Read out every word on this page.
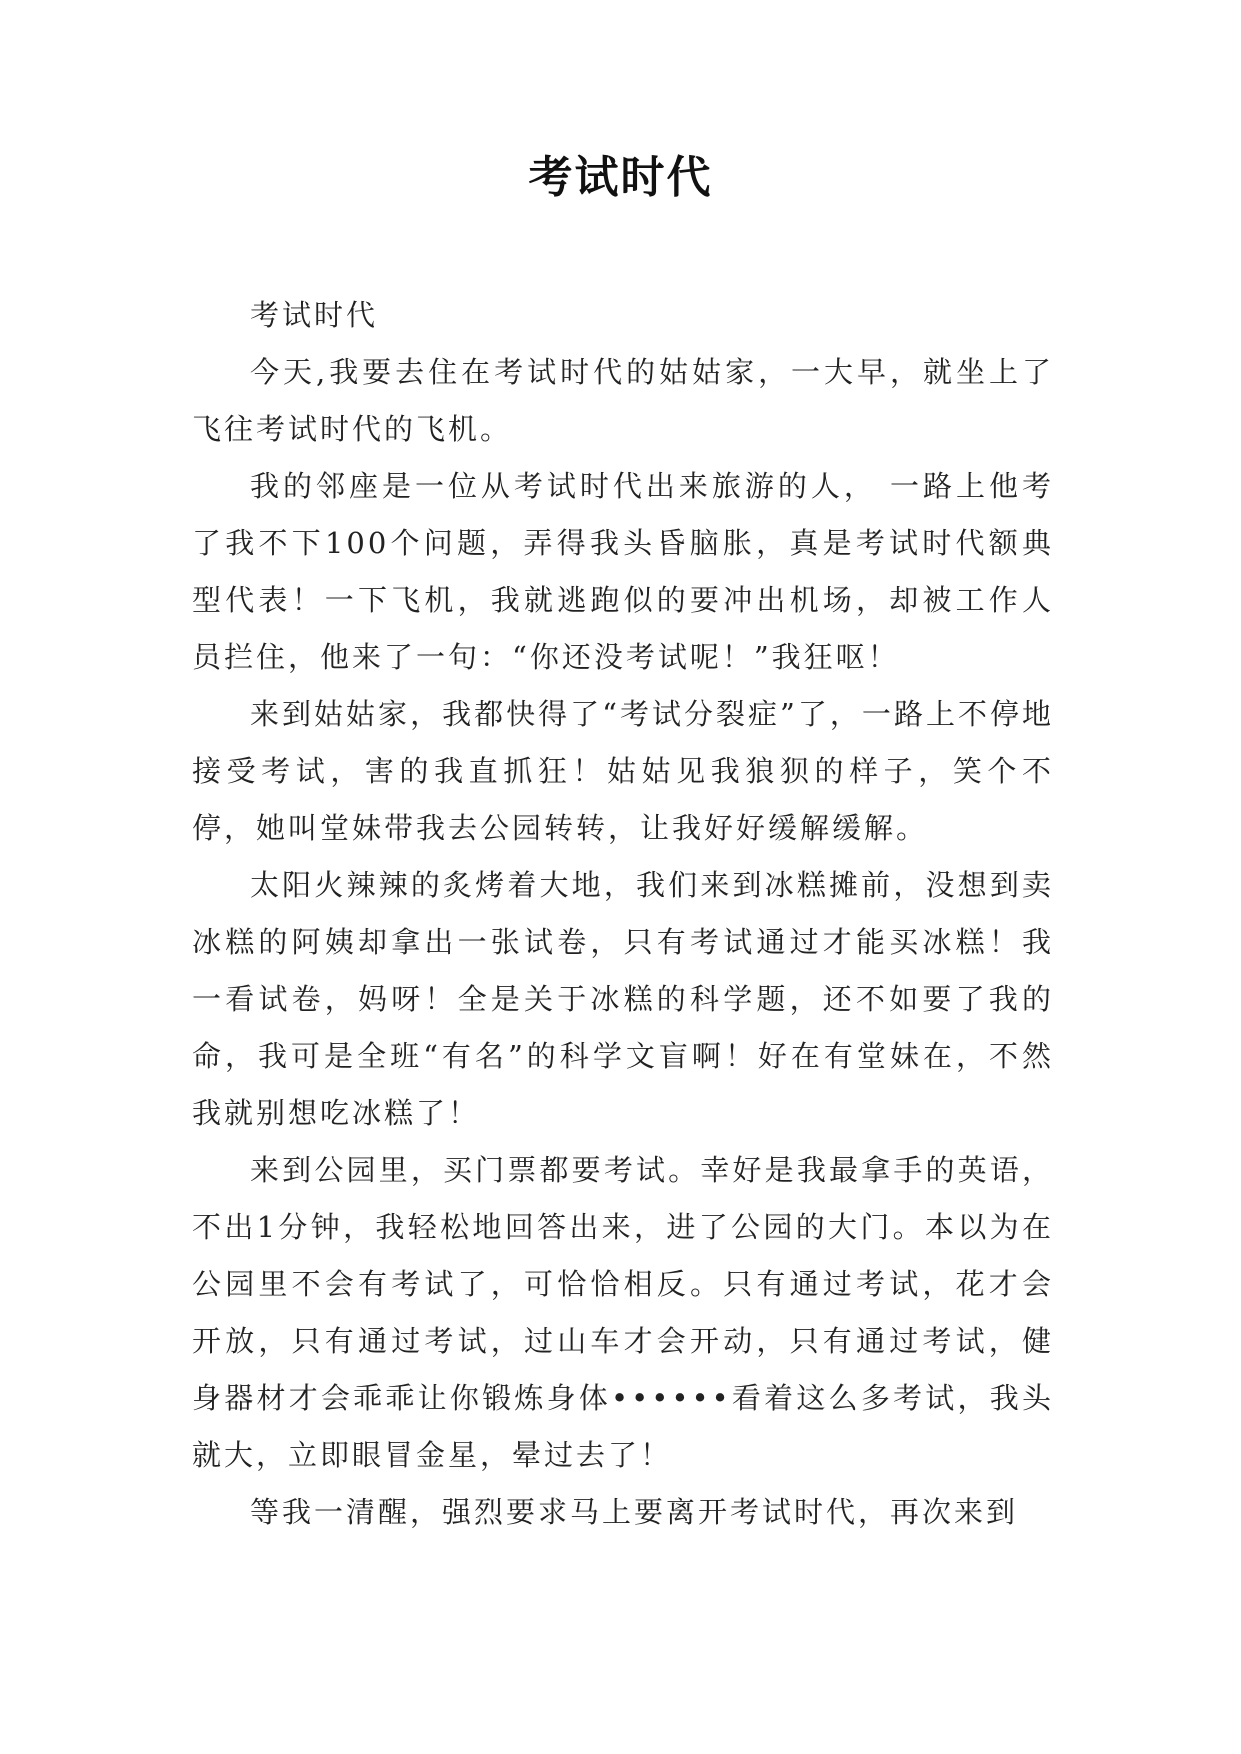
考试时代

考试时代

今天,我要去住在考试时代的姑姑家，一大早，就坐上了飞往考试时代的飞机。

我的邻座是一位从考试时代出来旅游的人， 一路上他考了我不下100个问题，弄得我头昏脑胀，真是考试时代额典型代表！一下飞机，我就逃跑似的要冲出机场，却被工作人员拦住，他来了一句：“你还没考试呢！”我狂呕！

来到姑姑家，我都快得了“考试分裂症”了，一路上不停地接受考试，害的我直抓狂！姑姑见我狼狈的样子，笑个不停，她叫堂妹带我去公园转转，让我好好缓解缓解。

太阳火辣辣的炙烤着大地，我们来到冰糕摊前，没想到卖冰糕的阿姨却拿出一张试卷，只有考试通过才能买冰糕！我一看试卷，妈呀！全是关于冰糕的科学题，还不如要了我的命，我可是全班“有名”的科学文盲啊！好在有堂妹在，不然我就别想吃冰糕了！

来到公园里，买门票都要考试。幸好是我最拿手的英语，不出1分钟，我轻松地回答出来，进了公园的大门。本以为在公园里不会有考试了，可恰恰相反。只有通过考试，花才会开放，只有通过考试，过山车才会开动，只有通过考试，健身器材才会乖乖让你锻炼身体••••••看着这么多考试，我头就大，立即眼冒金星，晕过去了！

等我一清醒，强烈要求马上要离开考试时代，再次来到
